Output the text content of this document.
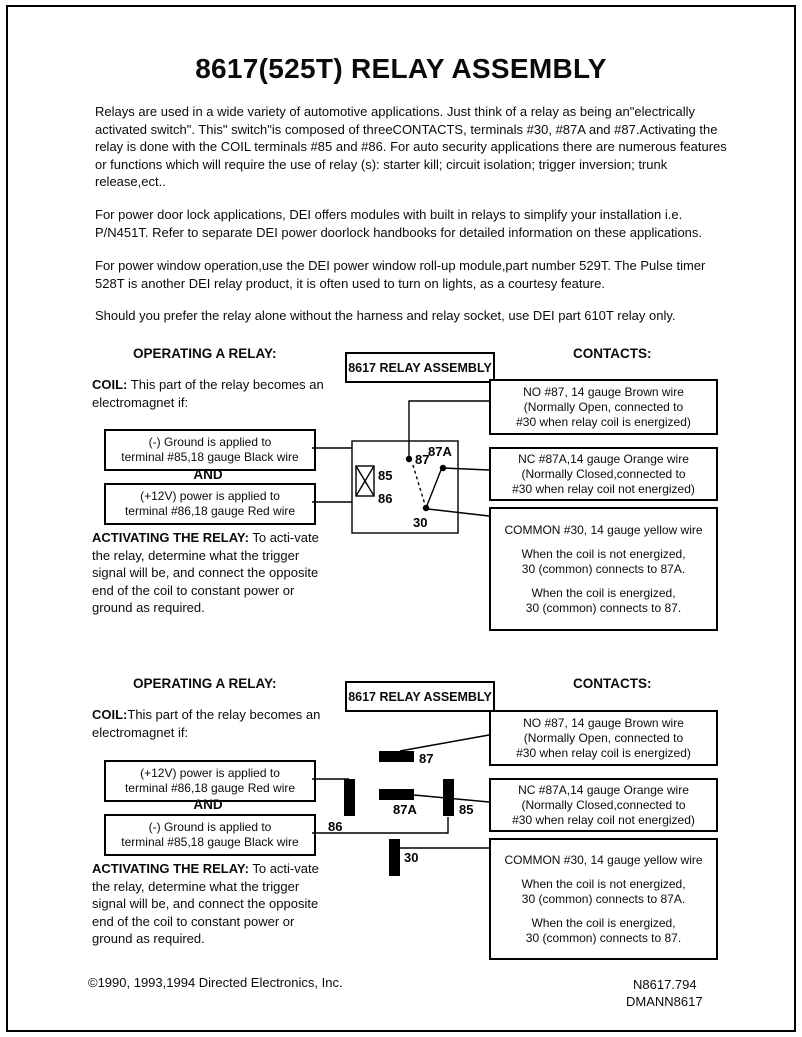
8617(525T) RELAY ASSEMBLY

Relays are used in a wide variety of automotive applications. Just think of a relay as being an"electrically activated switch". This" switch"is composed of threeCONTACTS, terminals #30, #87A and #87.Activating the relay is done with the COIL terminals #85 and #86. For auto security applications there are numerous features or functions which will require the use of relay (s): starter kill; circuit isolation; trigger inversion; trunk release,ect..

For power door lock applications, DEI offers modules with built in relays to simplify your installation i.e. P/N451T. Refer to separate DEI power doorlock handbooks for detailed information on these applications.

For power window operation,use the DEI power window roll-up module,part number 529T. The Pulse timer 528T is another DEI relay product, it is often used to turn on lights, as a courtesy feature.

Should you prefer the relay alone without the harness and relay socket, use DEI part 610T relay only.

OPERATING A RELAY:
8617 RELAY ASSEMBLY
CONTACTS:

COIL: This part of the relay becomes an electromagnet if:

(-) Ground is applied to
terminal #85,18 gauge Black wire
AND
(+12V) power is applied to
terminal #86,18 gauge Red wire

ACTIVATING THE RELAY: To acti-vate the relay, determine what the trigger signal will be, and connect the opposite end of the coil to constant power or ground as required.

NO #87, 14 gauge Brown wire
(Normally Open, connected to
#30 when relay coil is energized)
NC #87A,14 gauge Orange wire
(Normally Closed,connected to
#30 when relay coil not energized)
COMMON #30, 14 gauge yellow wire
When the coil is not energized,
30 (common) connects to 87A.
When the coil is energized,
30 (common) connects to 87.
OPERATING A RELAY:
8617 RELAY ASSEMBLY
CONTACTS:

COIL:This part of the relay becomes an electromagnet if:

(+12V) power is applied to
terminal #86,18 gauge Red wire
AND
(-) Ground is applied to
terminal #85,18 gauge Black wire

ACTIVATING THE RELAY: To acti-vate the relay, determine what the trigger signal will be, and connect the opposite end of the coil to constant power or ground as required.

NO #87, 14 gauge Brown wire
(Normally Open, connected to
#30 when relay coil is energized)
NC #87A,14 gauge Orange wire
(Normally Closed,connected to
#30 when relay coil not energized)
COMMON #30, 14 gauge yellow wire
When the coil is not energized,
30 (common) connects to 87A.
When the coil is energized,
30 (common) connects to 87.
©1990, 1993,1994 Directed Electronics, Inc.	N8617.794
DMANN8617
87
87A
85
86
30
87
86
87A	85
30
